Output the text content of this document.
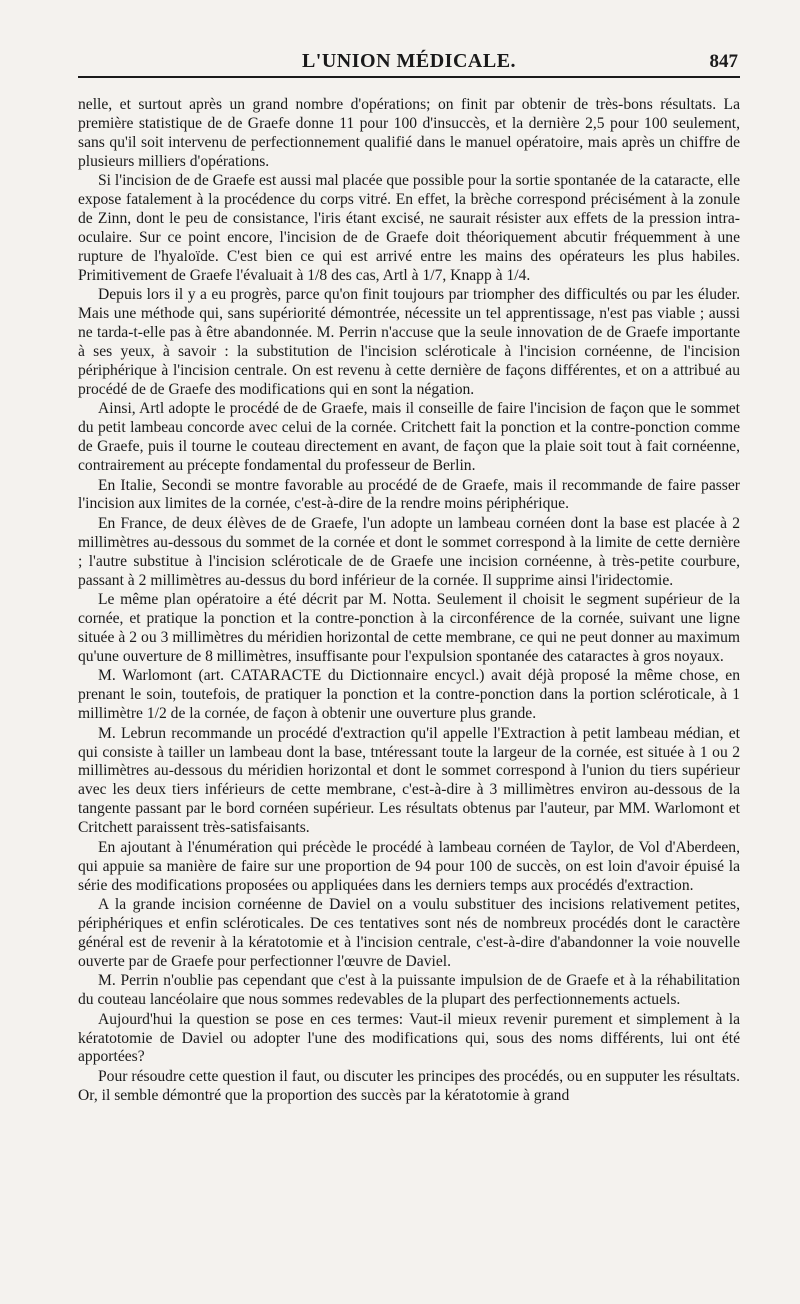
L'UNION MÉDICALE.	847

nelle, et surtout après un grand nombre d'opérations; on finit par obtenir de très-bons résultats. La première statistique de de Graefe donne 11 pour 100 d'insuccès, et la dernière 2,5 pour 100 seulement, sans qu'il soit intervenu de perfectionnement qualifié dans le manuel opératoire, mais après un chiffre de plusieurs milliers d'opérations.

Si l'incision de de Graefe est aussi mal placée que possible pour la sortie spontanée de la cataracte, elle expose fatalement à la procédence du corps vitré. En effet, la brèche correspond précisément à la zonule de Zinn, dont le peu de consistance, l'iris étant excisé, ne saurait résister aux effets de la pression intra-oculaire. Sur ce point encore, l'incision de de Graefe doit théoriquement abcutir fréquemment à une rupture de l'hyaloïde. C'est bien ce qui est arrivé entre les mains des opérateurs les plus habiles. Primitivement de Graefe l'évaluait à 1/8 des cas, Artl à 1/7, Knapp à 1/4.

Depuis lors il y a eu progrès, parce qu'on finit toujours par triompher des difficultés ou par les éluder. Mais une méthode qui, sans supériorité démontrée, nécessite un tel apprentissage, n'est pas viable ; aussi ne tarda-t-elle pas à être abandonnée. M. Perrin n'accuse que la seule innovation de de Graefe importante à ses yeux, à savoir : la substitution de l'incision scléroticale à l'incision cornéenne, de l'incision périphérique à l'incision centrale. On est revenu à cette dernière de façons différentes, et on a attribué au procédé de de Graefe des modifications qui en sont la négation.

Ainsi, Artl adopte le procédé de de Graefe, mais il conseille de faire l'incision de façon que le sommet du petit lambeau concorde avec celui de la cornée. Critchett fait la ponction et la contre-ponction comme de Graefe, puis il tourne le couteau directement en avant, de façon que la plaie soit tout à fait cornéenne, contrairement au précepte fondamental du professeur de Berlin.

En Italie, Secondi se montre favorable au procédé de de Graefe, mais il recommande de faire passer l'incision aux limites de la cornée, c'est-à-dire de la rendre moins périphérique.

En France, de deux élèves de de Graefe, l'un adopte un lambeau cornéen dont la base est placée à 2 millimètres au-dessous du sommet de la cornée et dont le sommet correspond à la limite de cette dernière ; l'autre substitue à l'incision scléroticale de de Graefe une incision cornéenne, à très-petite courbure, passant à 2 millimètres au-dessus du bord inférieur de la cornée. Il supprime ainsi l'iridectomie.

Le même plan opératoire a été décrit par M. Notta. Seulement il choisit le segment supérieur de la cornée, et pratique la ponction et la contre-ponction à la circonférence de la cornée, suivant une ligne située à 2 ou 3 millimètres du méridien horizontal de cette membrane, ce qui ne peut donner au maximum qu'une ouverture de 8 millimètres, insuffisante pour l'expulsion spontanée des cataractes à gros noyaux.

M. Warlomont (art. CATARACTE du Dictionnaire encycl.) avait déjà proposé la même chose, en prenant le soin, toutefois, de pratiquer la ponction et la contre-ponction dans la portion scléroticale, à 1 millimètre 1/2 de la cornée, de façon à obtenir une ouverture plus grande.

M. Lebrun recommande un procédé d'extraction qu'il appelle l'Extraction à petit lambeau médian, et qui consiste à tailler un lambeau dont la base, tntéressant toute la largeur de la cornée, est située à 1 ou 2 millimètres au-dessous du méridien horizontal et dont le sommet correspond à l'union du tiers supérieur avec les deux tiers inférieurs de cette membrane, c'est-à-dire à 3 millimètres environ au-dessous de la tangente passant par le bord cornéen supérieur. Les résultats obtenus par l'auteur, par MM. Warlomont et Critchett paraissent très-satisfaisants.

En ajoutant à l'énumération qui précède le procédé à lambeau cornéen de Taylor, de Vol d'Aberdeen, qui appuie sa manière de faire sur une proportion de 94 pour 100 de succès, on est loin d'avoir épuisé la série des modifications proposées ou appliquées dans les derniers temps aux procédés d'extraction.

A la grande incision cornéenne de Daviel on a voulu substituer des incisions relativement petites, périphériques et enfin scléroticales. De ces tentatives sont nés de nombreux procédés dont le caractère général est de revenir à la kératotomie et à l'incision centrale, c'est-à-dire d'abandonner la voie nouvelle ouverte par de Graefe pour perfectionner l'œuvre de Daviel.

M. Perrin n'oublie pas cependant que c'est à la puissante impulsion de de Graefe et à la réhabilitation du couteau lancéolaire que nous sommes redevables de la plupart des perfectionnements actuels.

Aujourd'hui la question se pose en ces termes: Vaut-il mieux revenir purement et simplement à la kératotomie de Daviel ou adopter l'une des modifications qui, sous des noms différents, lui ont été apportées?

Pour résoudre cette question il faut, ou discuter les principes des procédés, ou en supputer les résultats. Or, il semble démontré que la proportion des succès par la kératotomie à grand
